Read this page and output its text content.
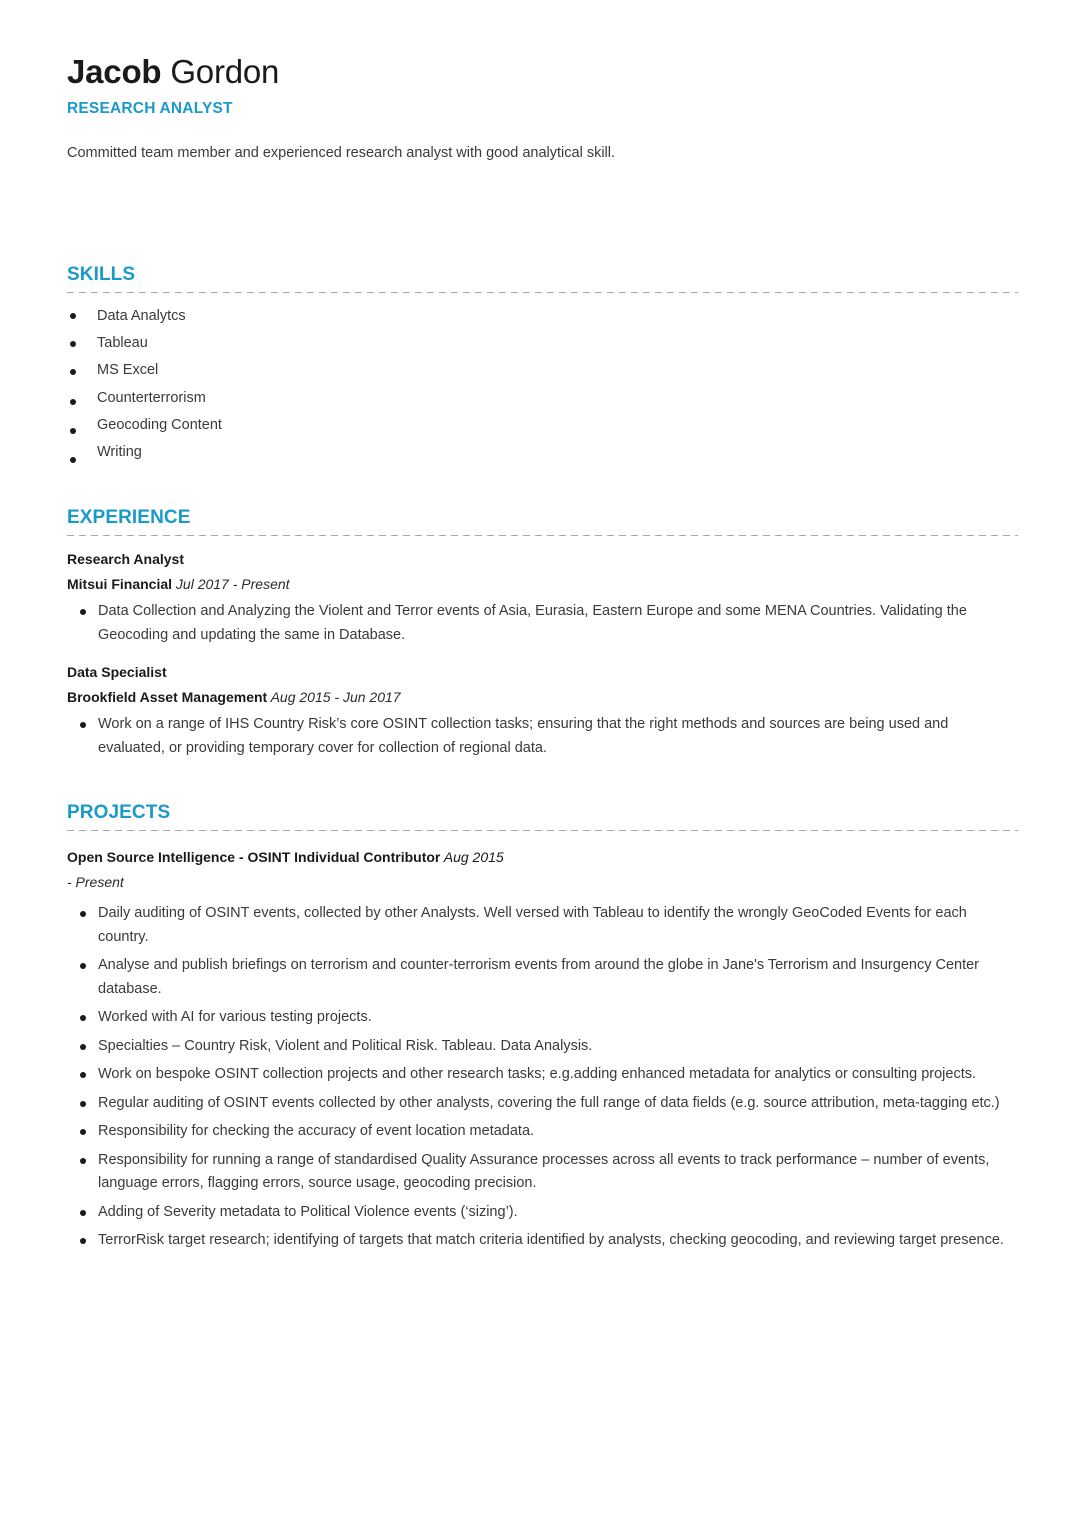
Jacob Gordon
RESEARCH ANALYST
Committed team member and experienced research analyst with good analytical skill.
SKILLS
Data Analytcs
Tableau
MS Excel
Counterterrorism
Geocoding Content
Writing
EXPERIENCE
Research Analyst
Mitsui Financial Jul 2017 - Present
Data Collection and Analyzing the Violent and Terror events of Asia, Eurasia, Eastern Europe and some MENA Countries. Validating the Geocoding and updating the same in Database.
Data Specialist
Brookfield Asset Management Aug 2015 - Jun 2017
Work on a range of IHS Country Risk’s core OSINT collection tasks; ensuring that the right methods and sources are being used and evaluated, or providing temporary cover for collection of regional data.
PROJECTS
Open Source Intelligence - OSINT Individual Contributor Aug 2015
- Present
Daily auditing of OSINT events, collected by other Analysts. Well versed with Tableau to identify the wrongly GeoCoded Events for each country.
Analyse and publish briefings on terrorism and counter-terrorism events from around the globe in Jane's Terrorism and Insurgency Center database.
Worked with AI for various testing projects.
Specialties – Country Risk, Violent and Political Risk. Tableau. Data Analysis.
Work on bespoke OSINT collection projects and other research tasks; e.g.adding enhanced metadata for analytics or consulting projects.
Regular auditing of OSINT events collected by other analysts, covering the full range of data fields (e.g. source attribution, meta-tagging etc.)
Responsibility for checking the accuracy of event location metadata.
Responsibility for running a range of standardised Quality Assurance processes across all events to track performance – number of events, language errors, flagging errors, source usage, geocoding precision.
Adding of Severity metadata to Political Violence events (‘sizing’).
TerrorRisk target research; identifying of targets that match criteria identified by analysts, checking geocoding, and reviewing target presence.
